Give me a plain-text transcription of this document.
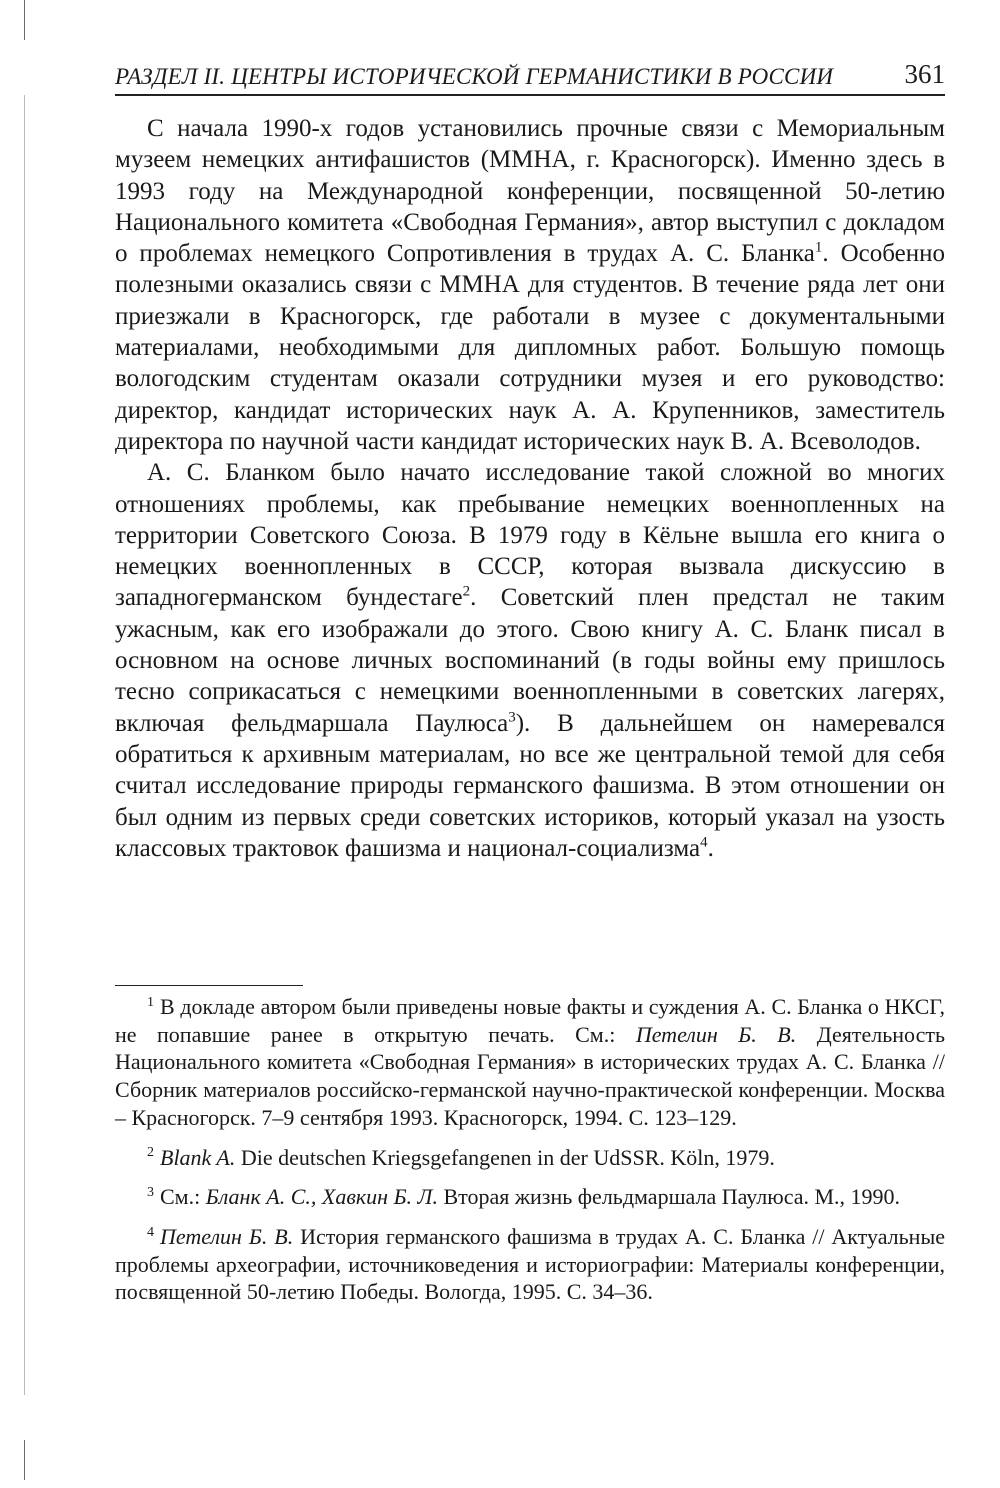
РАЗДЕЛ II. ЦЕНТРЫ ИСТОРИЧЕСКОЙ ГЕРМАНИСТИКИ В РОССИИ	361

С начала 1990-х годов установились прочные связи с Мемориальным музеем немецких антифашистов (ММНА, г. Красногорск). Именно здесь в 1993 году на Международной конференции, посвященной 50-летию Национального комитета «Свободная Германия», автор выступил с докладом о проблемах немецкого Сопротивления в трудах А. С. Бланка$^1$. Особенно полезными оказались связи с ММНА для студентов. В течение ряда лет они приезжали в Красногорск, где работали в музее с документальными материалами, необходимыми для дипломных работ. Большую помощь вологодским студентам оказали сотрудники музея и его руководство: директор, кандидат исторических наук А. А. Крупенников, заместитель директора по научной части кандидат исторических наук В. А. Всеволодов.

А. С. Бланком было начато исследование такой сложной во многих отношениях проблемы, как пребывание немецких военнопленных на территории Советского Союза. В 1979 году в Кёльне вышла его книга о немецких военнопленных в СССР, которая вызвала дискуссию в западногерманском бундестаге$^2$. Советский плен предстал не таким ужасным, как его изображали до этого. Свою книгу А. С. Бланк писал в основном на основе личных воспоминаний (в годы войны ему пришлось тесно соприкасаться с немецкими военнопленными в советских лагерях, включая фельдмаршала Паулюса$^3$). В дальнейшем он намеревался обратиться к архивным материалам, но все же центральной темой для себя считал исследование природы германского фашизма. В этом отношении он был одним из первых среди советских историков, который указал на узость классовых трактовок фашизма и национал-социализма$^4$.

$^1$ В докладе автором были приведены новые факты и суждения А. С. Бланка о НКСГ, не попавшие ранее в открытую печать. См.: Петелин Б. В. Деятельность Национального комитета «Свободная Германия» в исторических трудах А. С. Бланка // Сборник материалов российско-германской научно-практической конференции. Москва – Красногорск. 7–9 сентября 1993. Красногорск, 1994. С. 123–129.

$^2$ Blank A. Die deutschen Kriegsgefangenen in der UdSSR. Köln, 1979.

$^3$ См.: Бланк А. С., Хавкин Б. Л. Вторая жизнь фельдмаршала Паулюса. М., 1990.

$^4$ Петелин Б. В. История германского фашизма в трудах А. С. Бланка // Актуальные проблемы археографии, источниковедения и историографии: Материалы конференции, посвященной 50-летию Победы. Вологда, 1995. С. 34–36.
